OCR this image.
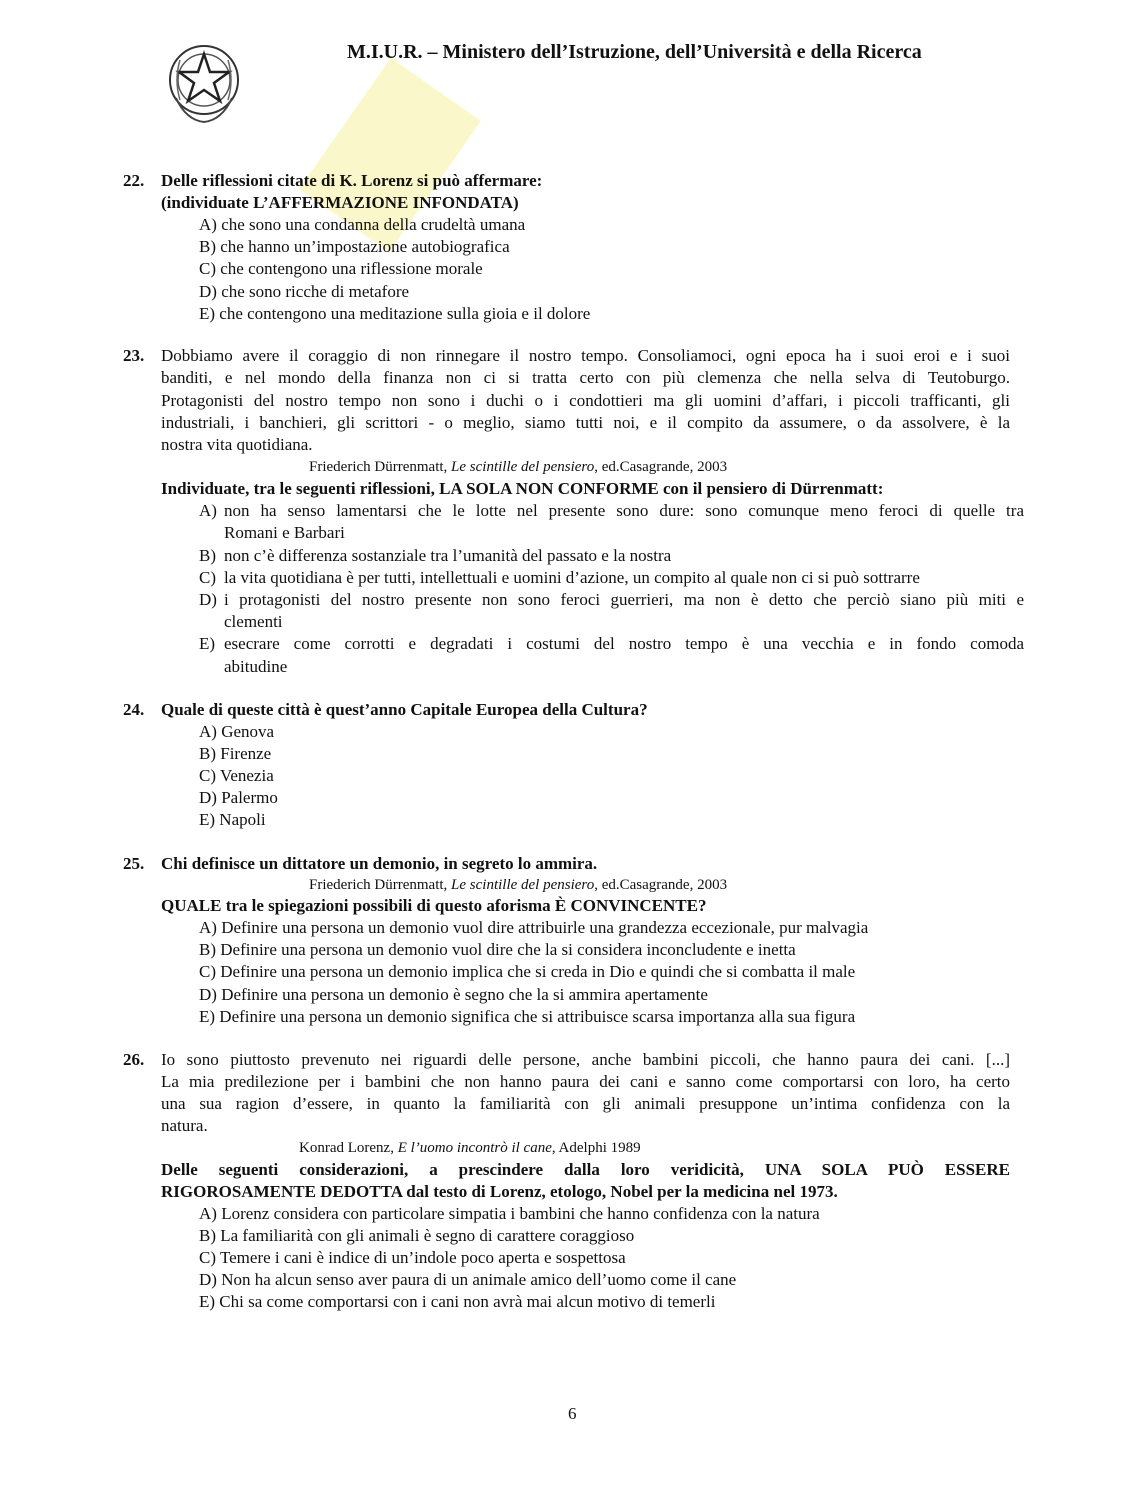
M.I.U.R. – Ministero dell’Istruzione, dell’Università e della Ricerca
22. Delle riflessioni citate di K. Lorenz si può affermare:
(individuate L’AFFERMAZIONE INFONDATA)
A) che sono una condanna della crudeltà umana
B) che hanno un’impostazione autobiografica
C) che contengono una riflessione morale
D) che sono ricche di metafore
E) che contengono una meditazione sulla gioia e il dolore
23. Dobbiamo avere il coraggio di non rinnegare il nostro tempo. Consoliamoci, ogni epoca ha i suoi eroi e i suoi
banditi, e nel mondo della finanza non ci si tratta certo con più clemenza che nella selva di Teutoburgo.
Protagonisti del nostro tempo non sono i duchi o i condottieri ma gli uomini d’affari, i piccoli trafficanti, gli
industriali, i banchieri, gli scrittori - o meglio, siamo tutti noi, e il compito da assumere, o da assolvere, è la
nostra vita quotidiana.
Friederich Dürrenmatt, Le scintille del pensiero, ed.Casagrande, 2003
Individuate, tra le seguenti riflessioni, LA SOLA NON CONFORME con il pensiero di Dürrenmatt:
A) non ha senso lamentarsi che le lotte nel presente sono dure: sono comunque meno feroci di quelle tra
Romani e Barbari
B) non c’è differenza sostanziale tra l’umanità del passato e la nostra
C) la vita quotidiana è per tutti, intellettuali e uomini d’azione, un compito al quale non ci si può sottrarre
D) i protagonisti del nostro presente non sono feroci guerrieri, ma non è detto che perciò siano più miti e
clementi
E) esecrare come corrotti e degradati i costumi del nostro tempo è una vecchia e in fondo comoda
abitudine
24. Quale di queste città è quest’anno Capitale Europea della Cultura?
A) Genova
B) Firenze
C) Venezia
D) Palermo
E) Napoli
25. Chi definisce un dittatore un demonio, in segreto lo ammira.
Friederich Dürrenmatt, Le scintille del pensiero, ed.Casagrande, 2003
QUALE tra le spiegazioni possibili di questo aforisma È CONVINCENTE?
A) Definire una persona un demonio vuol dire attribuirle una grandezza eccezionale, pur malvagia
B) Definire una persona un demonio vuol dire che la si considera inconcludente e inetta
C) Definire una persona un demonio implica che si creda in Dio e quindi che si combatta il male
D) Definire una persona un demonio è segno che la si ammira apertamente
E) Definire una persona un demonio significa che si attribuisce scarsa importanza alla sua figura
26. Io sono piuttosto prevenuto nei riguardi delle persone, anche bambini piccoli, che hanno paura dei cani. [...]
La mia predilezione per i bambini che non hanno paura dei cani e sanno come comportarsi con loro, ha certo
una sua ragion d’essere, in quanto la familiarità con gli animali presuppone un’intima confidenza con la
natura.
Konrad Lorenz, E l’uomo incontrò il cane, Adelphi 1989
Delle seguenti considerazioni, a prescindere dalla loro veridicità, UNA SOLA PUÒ ESSERE
RIGOROSAMENTE DEDOTTA dal testo di Lorenz, etologo, Nobel per la medicina nel 1973.
A) Lorenz considera con particolare simpatia i bambini che hanno confidenza con la natura
B) La familiarità con gli animali è segno di carattere coraggioso
C) Temere i cani è indice di un’indole poco aperta e sospettosa
D) Non ha alcun senso aver paura di un animale amico dell’uomo come il cane
E) Chi sa come comportarsi con i cani non avrà mai alcun motivo di temerli
6
